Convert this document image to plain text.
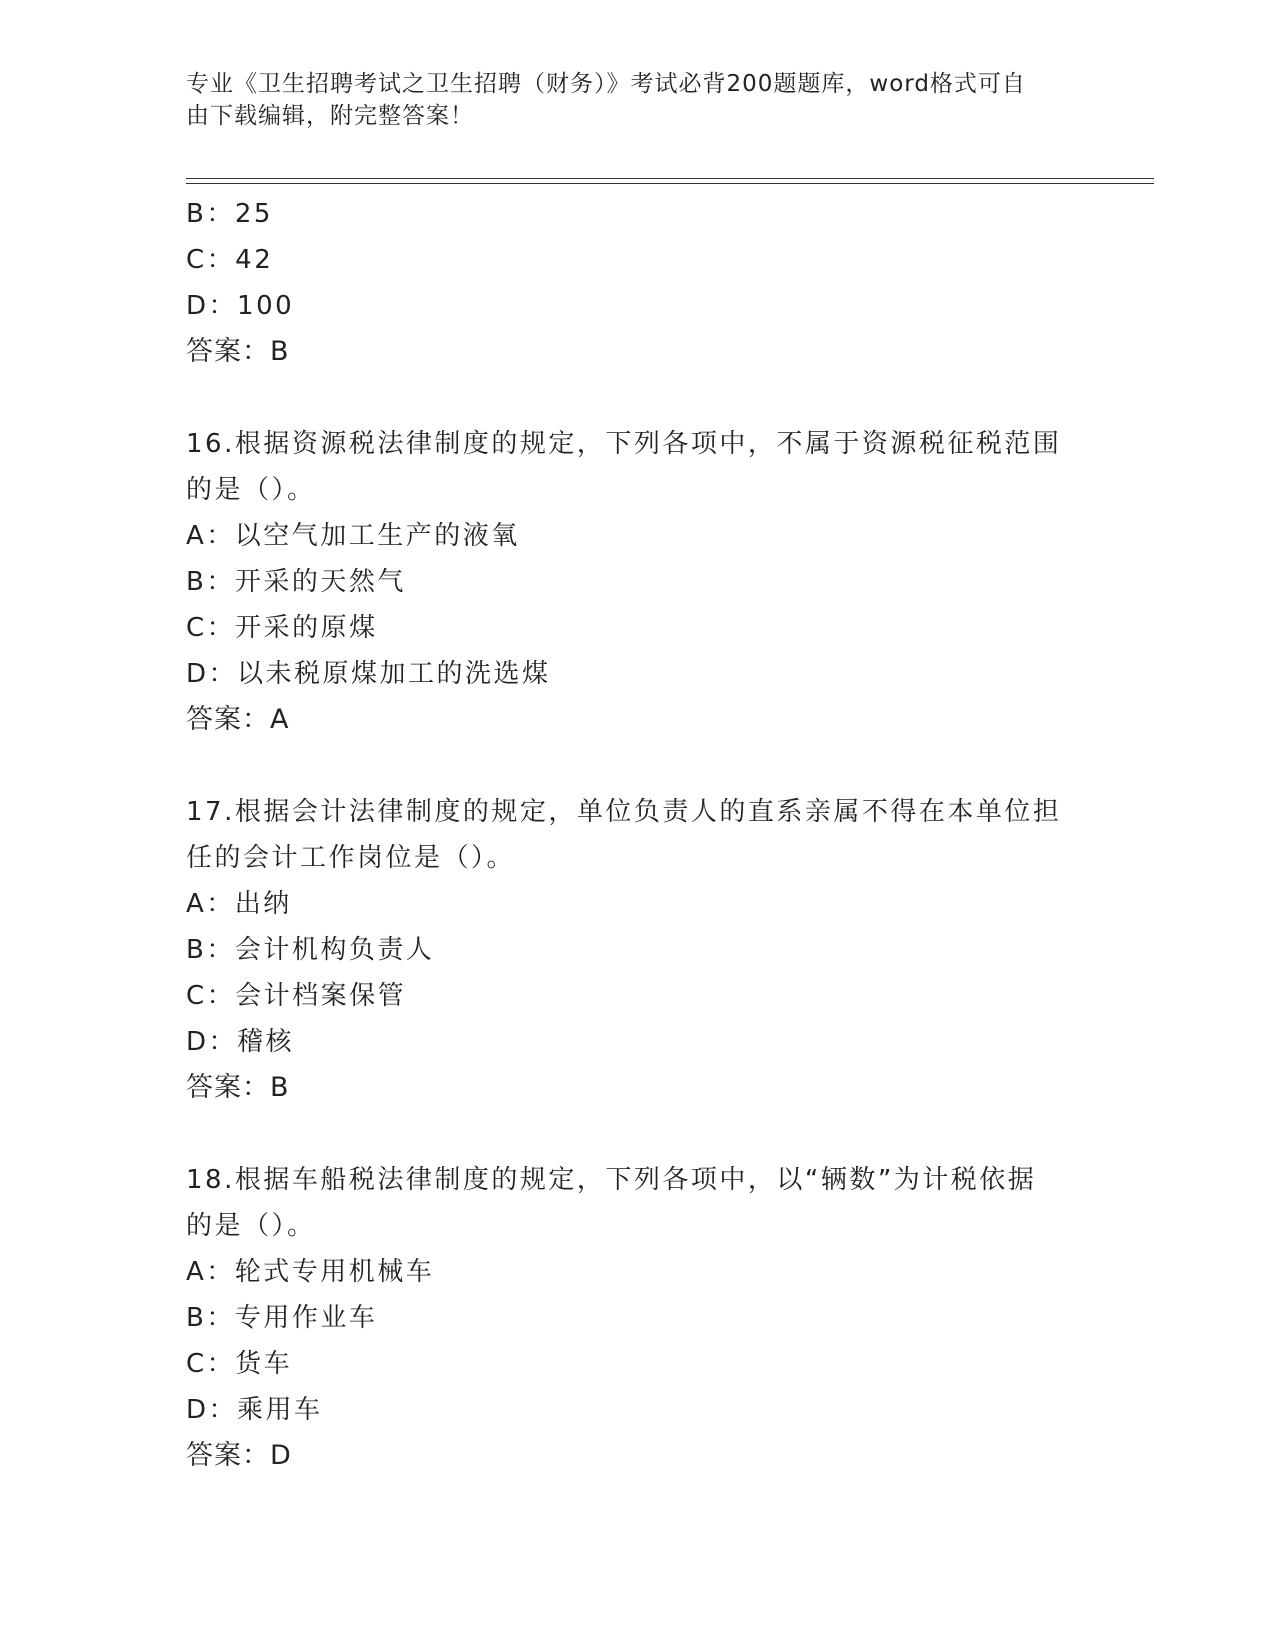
专业《卫生招聘考试之卫生招聘（财务）》考试必背200题题库，word格式可自
由下载编辑，附完整答案！
B：25
C：42
D：100
答案：B
16.根据资源税法律制度的规定，下列各项中，不属于资源税征税范围
的是（）。
A：以空气加工生产的液氧
B：开采的天然气
C：开采的原煤
D：以未税原煤加工的洗选煤
答案：A
17.根据会计法律制度的规定，单位负责人的直系亲属不得在本单位担
任的会计工作岗位是（）。
A：出纳
B：会计机构负责人
C：会计档案保管
D：稽核
答案：B
18.根据车船税法律制度的规定，下列各项中，以“辆数”为计税依据
的是（）。
A：轮式专用机械车
B：专用作业车
C：货车
D：乘用车
答案：D
